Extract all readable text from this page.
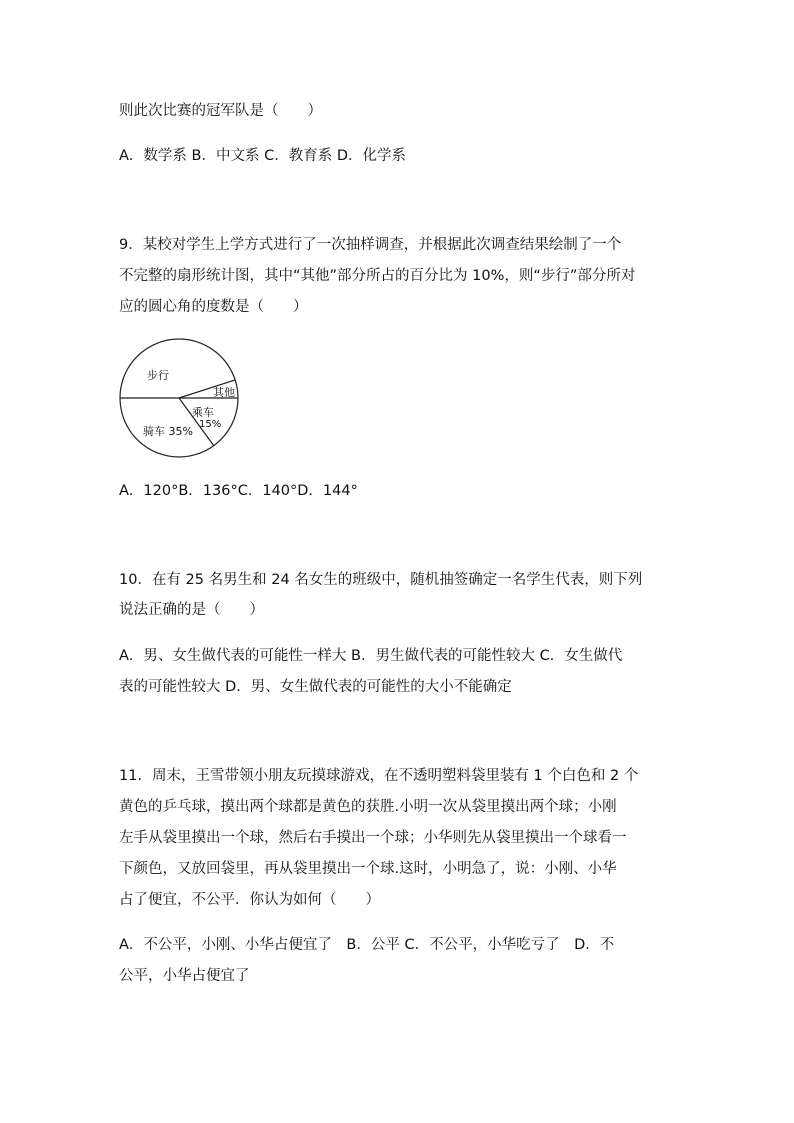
则此次比赛的冠军队是（　　）
A．数学系 B．中文系 C．教育系 D．化学系
9．某校对学生上学方式进行了一次抽样调查，并根据此次调查结果绘制了一个
不完整的扇形统计图，其中“其他”部分所占的百分比为 10%，则“步行”部分所对
应的圆心角的度数是（　　）
步行
其他
乘车
15%
骑车 35%
A．120°B．136°C．140°D．144°
10．在有 25 名男生和 24 名女生的班级中，随机抽签确定一名学生代表，则下列
说法正确的是（　　）
A．男、女生做代表的可能性一样大 B．男生做代表的可能性较大 C．女生做代
表的可能性较大 D．男、女生做代表的可能性的大小不能确定
11．周末，王雪带领小朋友玩摸球游戏，在不透明塑料袋里装有 1 个白色和 2 个
黄色的乒乓球，摸出两个球都是黄色的获胜.小明一次从袋里摸出两个球；小刚
左手从袋里摸出一个球，然后右手摸出一个球；小华则先从袋里摸出一个球看一
下颜色，又放回袋里，再从袋里摸出一个球.这时，小明急了，说：小刚、小华
占了便宜，不公平．你认为如何（　　）
A．不公平，小刚、小华占便宜了　B．公平 C．不公平，小华吃亏了　D．不
公平，小华占便宜了
